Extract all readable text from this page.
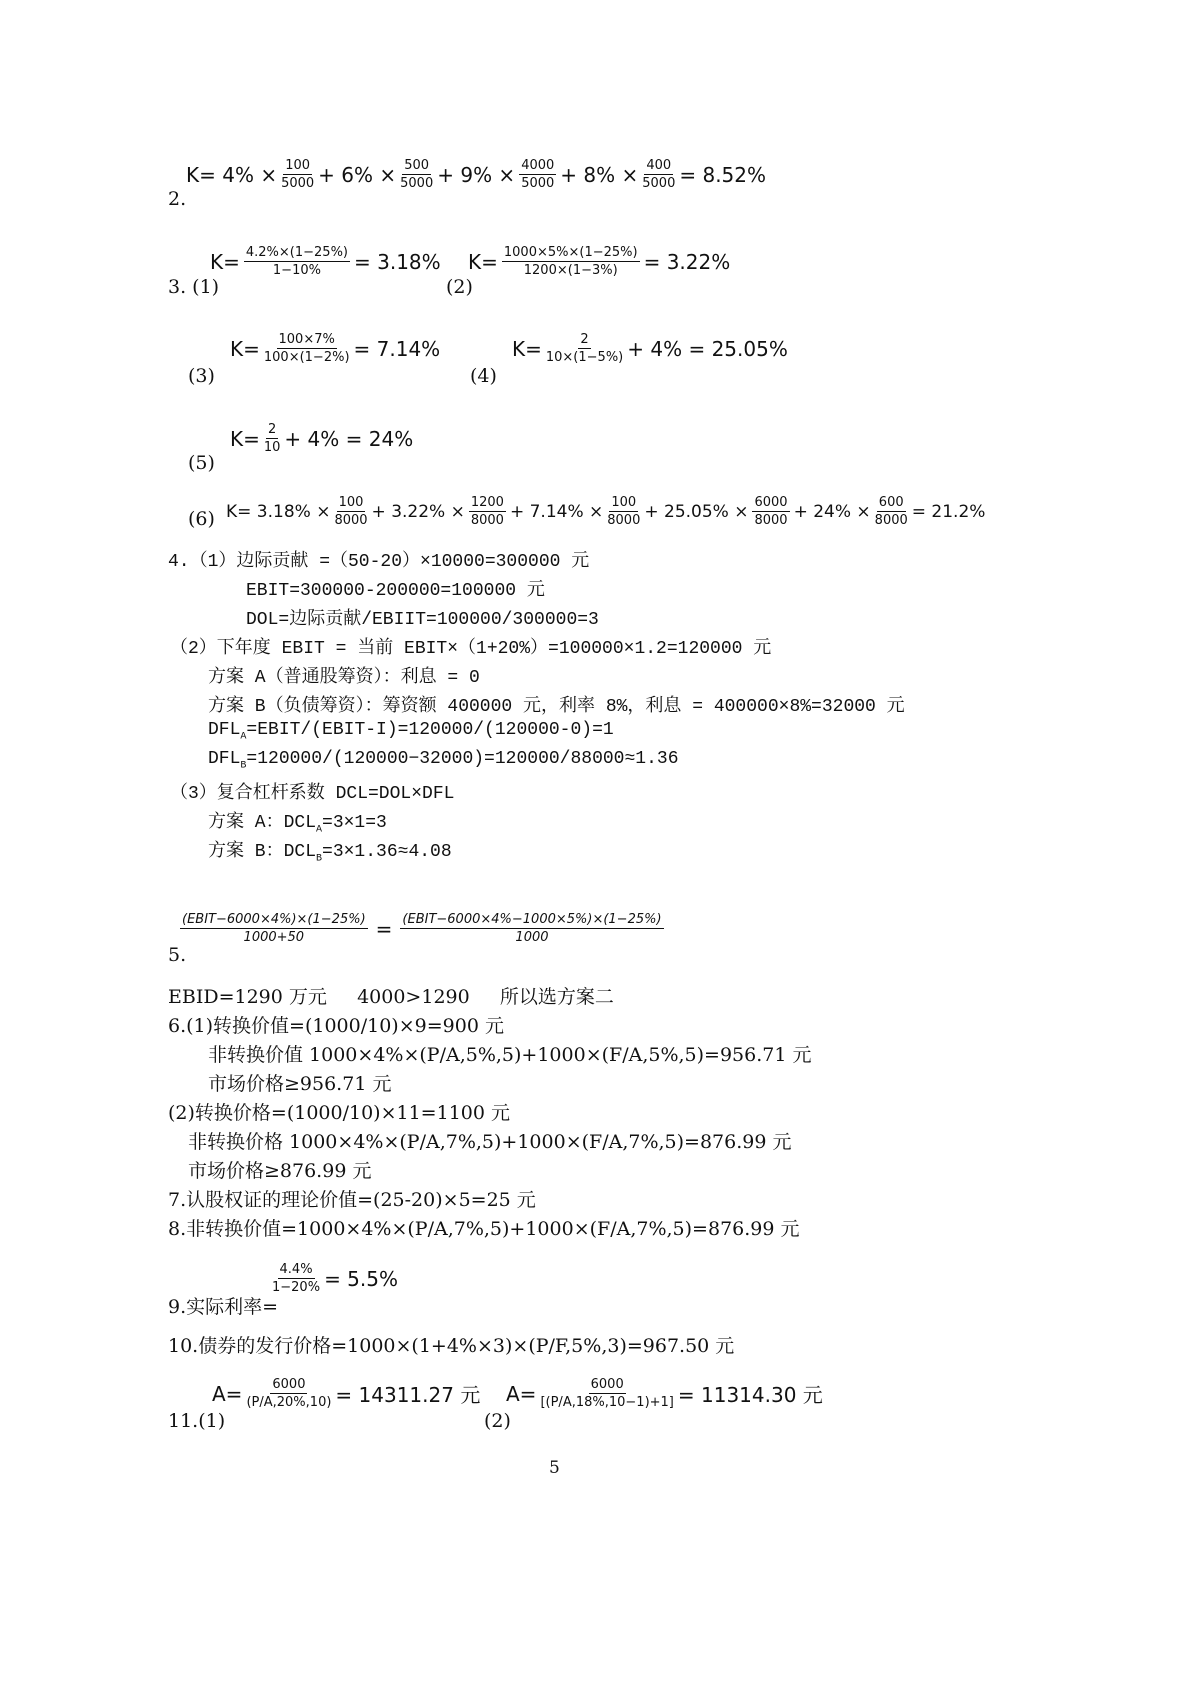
$K= 4\% \times \frac{100}{5000} + 6\% \times \frac{500}{5000} + 9\% \times \frac{4000}{5000} + 8\% \times \frac{400}{5000} = 8.52\%$
2.
$K= \frac{4.2\%\times(1-25\%)}{1-10\%} = 3.18\%$
3. (1)
$K= \frac{1000\times 5\%\times(1-25\%)}{1200\times(1-3\%)} = 3.22\%$
(2)
$K= \frac{100\times 7\%}{100\times(1-2\%)} = 7.14\%$
(3)
$K= \frac{2}{10\times(1-5\%)} + 4\% = 25.05\%$
(4)
$K= \frac{2}{10} + 4\% = 24\%$
(5)
(6) $K= 3.18\% \times \frac{100}{8000} + 3.22\% \times \frac{1200}{8000} + 7.14\% \times \frac{100}{8000} + 25.05\% \times \frac{6000}{8000} + 24\% \times \frac{600}{8000} = 21.2\%$
4.（1）边际贡献 =（50-20）×10000=300000 元
EBIT=300000-200000=100000 元
DOL=边际贡献/EBIIT=100000/300000=3
（2）下年度 EBIT = 当前 EBIT×（1+20%）=100000×1.2=120000 元
方案 A（普通股筹资）：利息 = 0
方案 B（负债筹资）：筹资额 400000 元，利率 8%，利息 = 400000×8%=32000 元
$DFL_A=EBIT/(EBIT-I)=120000/(120000-0)=1$
$DFL_B=120000/(120000-32000)=120000/88000\approx 1.36$
（3）复合杠杆系数 DCL=DOL×DFL
方案 A：$DCL_A=3\times 1=3$
方案 B：$DCL_B=3\times 1.36\approx 4.08$
$\frac{\text{(EBIT−6000×4\%)×(1−25\%)}}{1000+50} = \frac{\text{(EBIT−6000×4\%−1000×5\%)×(1−25\%)}}{1000}$
5.
EBID=1290 万元     4000>1290     所以选方案二
6.(1)转换价值=(1000/10)×9=900 元
非转换价值 1000×4%×(P/A,5%,5)+1000×(F/A,5%,5)=956.71 元
市场价格≥956.71 元
(2)转换价格=(1000/10)×11=1100 元
非转换价格 1000×4%×(P/A,7%,5)+1000×(F/A,7%,5)=876.99 元
市场价格≥876.99 元
7.认股权证的理论价值=(25-20)×5=25 元
8.非转换价值=1000×4%×(P/A,7%,5)+1000×(F/A,7%,5)=876.99 元
$\frac{4.4\%}{1-20\%} = 5.5\%$
9.实际利率=
10.债券的发行价格=1000×(1+4%×3)×(P/F,5%,3)=967.50 元
$A= \frac{6000}{(P/A,20\%,10)} = 14311.27$ 元
11.(1)
$A= \frac{6000}{[(P/A,18\%,10-1)+1]} = 11314.30$ 元
(2)
5
